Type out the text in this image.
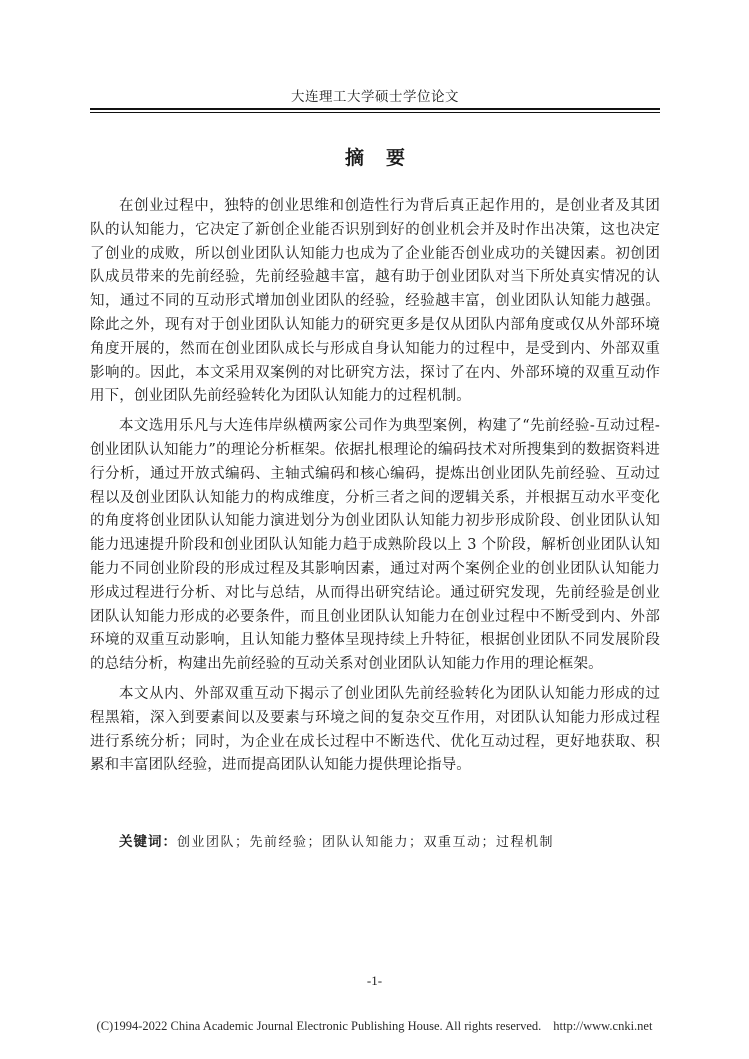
大连理工大学硕士学位论文
摘要

在创业过程中，独特的创业思维和创造性行为背后真正起作用的，是创业者及其团队的认知能力，它决定了新创企业能否识别到好的创业机会并及时作出决策，这也决定了创业的成败，所以创业团队认知能力也成为了企业能否创业成功的关键因素。初创团队成员带来的先前经验，先前经验越丰富，越有助于创业团队对当下所处真实情况的认知，通过不同的互动形式增加创业团队的经验，经验越丰富，创业团队认知能力越强。除此之外，现有对于创业团队认知能力的研究更多是仅从团队内部角度或仅从外部环境角度开展的，然而在创业团队成长与形成自身认知能力的过程中，是受到内、外部双重影响的。因此，本文采用双案例的对比研究方法，探讨了在内、外部环境的双重互动作用下，创业团队先前经验转化为团队认知能力的过程机制。

本文选用乐凡与大连伟岸纵横两家公司作为典型案例，构建了“先前经验-互动过程-创业团队认知能力”的理论分析框架。依据扎根理论的编码技术对所搜集到的数据资料进行分析，通过开放式编码、主轴式编码和核心编码，提炼出创业团队先前经验、互动过程以及创业团队认知能力的构成维度，分析三者之间的逻辑关系，并根据互动水平变化的角度将创业团队认知能力演进划分为创业团队认知能力初步形成阶段、创业团队认知能力迅速提升阶段和创业团队认知能力趋于成熟阶段以上 3 个阶段，解析创业团队认知能力不同创业阶段的形成过程及其影响因素，通过对两个案例企业的创业团队认知能力形成过程进行分析、对比与总结，从而得出研究结论。通过研究发现，先前经验是创业团队认知能力形成的必要条件，而且创业团队认知能力在创业过程中不断受到内、外部环境的双重互动影响，且认知能力整体呈现持续上升特征，根据创业团队不同发展阶段的总结分析，构建出先前经验的互动关系对创业团队认知能力作用的理论框架。

本文从内、外部双重互动下揭示了创业团队先前经验转化为团队认知能力形成的过程黑箱，深入到要素间以及要素与环境之间的复杂交互作用，对团队认知能力形成过程进行系统分析；同时，为企业在成长过程中不断迭代、优化互动过程，更好地获取、积累和丰富团队经验，进而提高团队认知能力提供理论指导。

关键词：创业团队；先前经验；团队认知能力；双重互动；过程机制
-1-
(C)1994-2022 China Academic Journal Electronic Publishing House. All rights reserved. http://www.cnki.net
